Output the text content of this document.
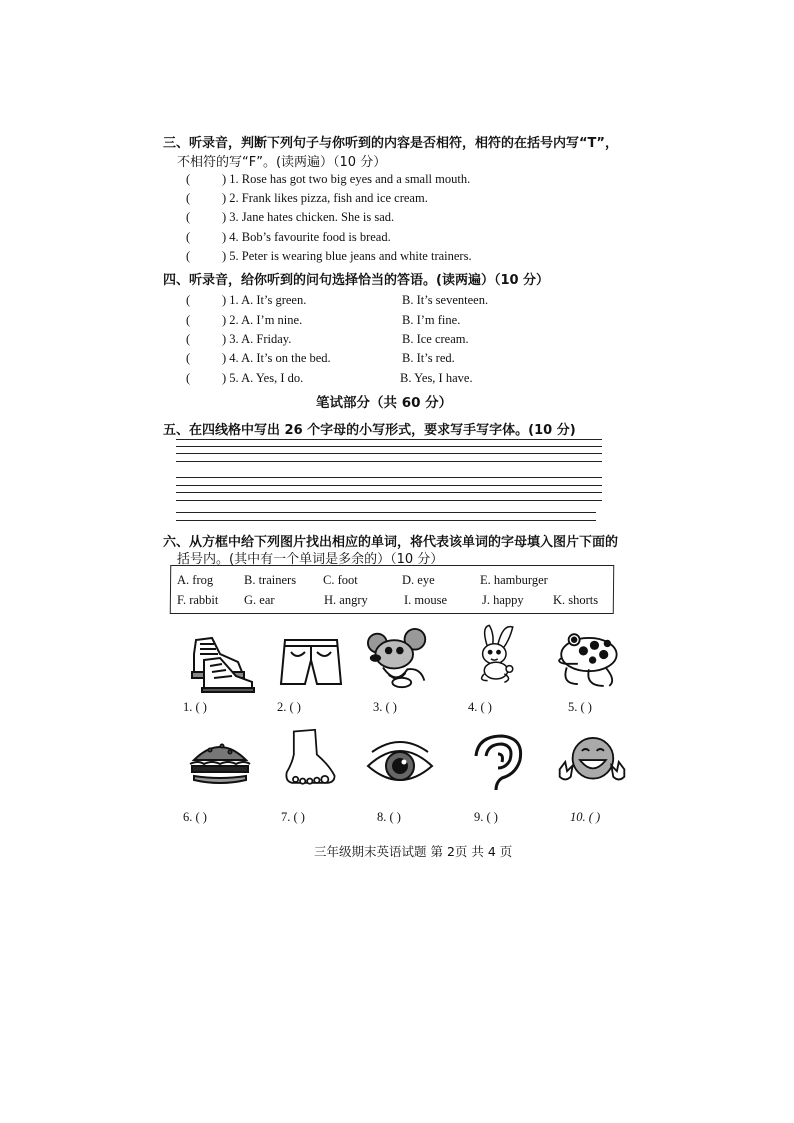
三、听录音，判断下列句子与你听到的内容是否相符，相符的在括号内写“T”，
不相符的写“F”。(读两遍）（10 分）
(	) 1. Rose has got two big eyes and a small mouth.
(	) 2. Frank likes pizza, fish and ice cream.
(	) 3. Jane hates chicken. She is sad.
(	) 4. Bob’s favourite food is bread.
(	) 5. Peter is wearing blue jeans and white trainers.
四、听录音，给你听到的问句选择恰当的答语。(读两遍）（10 分）
(	) 1. A. It’s green.	B. It’s seventeen.
(	) 2. A. I’m nine.	B. I’m fine.
(	) 3. A. Friday.	B. Ice cream.
(	) 4. A. It’s on the bed.	B. It’s red.
(	) 5. A. Yes, I do.	B. Yes, I have.
笔试部分（共 60 分）
五、在四线格中写出 26 个字母的小写形式，要求写手写字体。(10 分)
六、从方框中给下列图片找出相应的单词，将代表该单词的字母填入图片下面的
括号内。(其中有一个单词是多余的）（10 分）
A. frog B. trainers C. foot	D. eye	E. hamburger
F. rabbit G. ear	H. angry	I. mouse	J. happy K. shorts
1. ( )	2. ( )	3. ( )	4. ( )	5. ( )
6. ( )	7. ( )	8. ( )	9. ( )	10. ( )
三年级期末英语试题 第 2页 共 4 页
